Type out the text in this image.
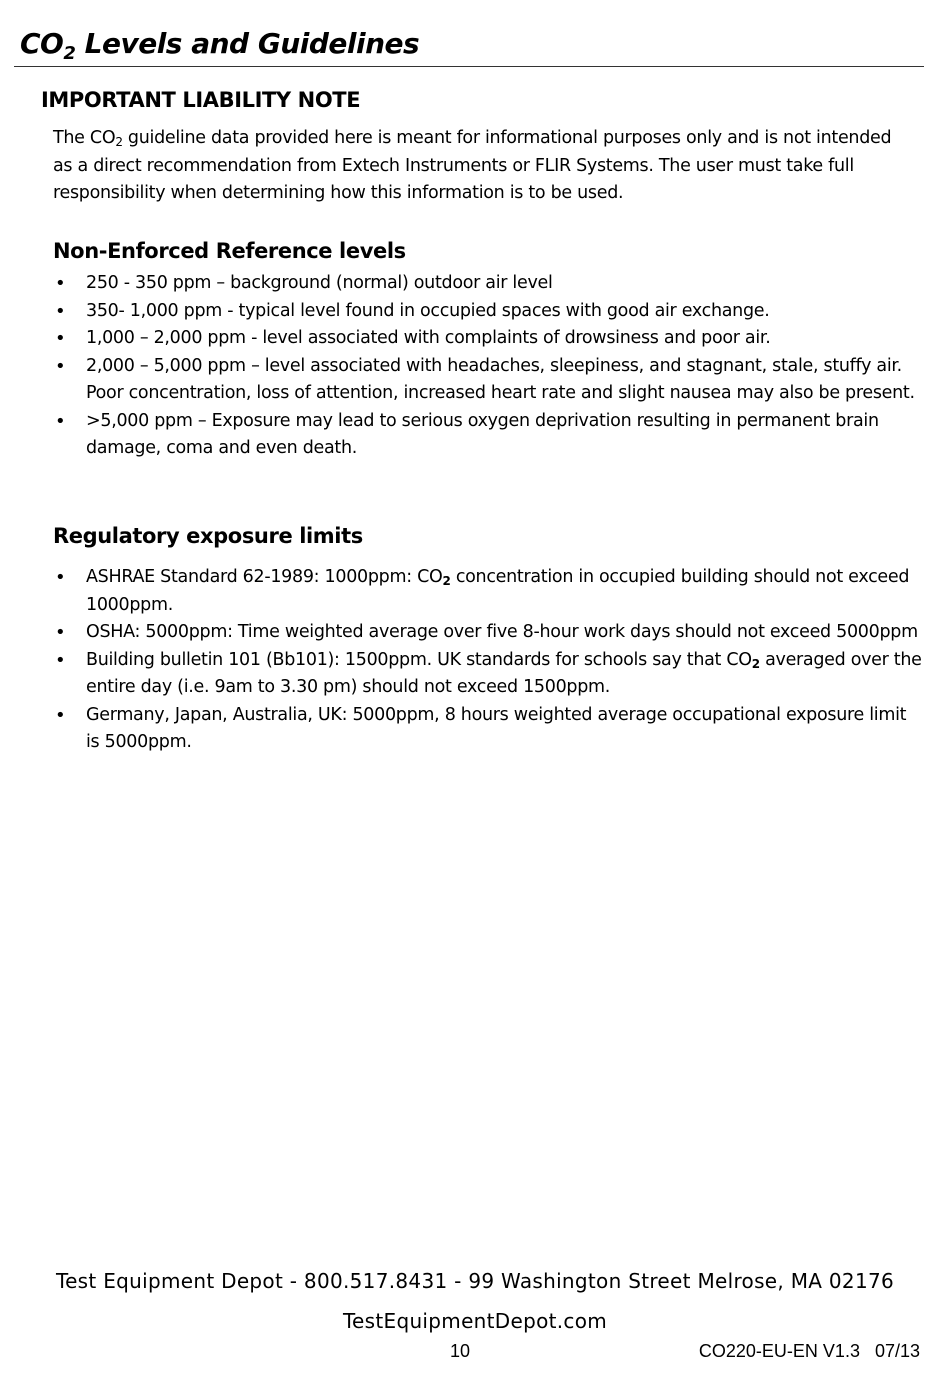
$CO_2$ Levels and Guidelines
IMPORTANT LIABILITY NOTE

The $CO_2$ guideline data provided here is meant for informational purposes only and is not intended as a direct recommendation from Extech Instruments or FLIR Systems. The user must take full responsibility when determining how this information is to be used.

Non-Enforced Reference levels
• 250 - 350 ppm – background (normal) outdoor air level
• 350- 1,000 ppm - typical level found in occupied spaces with good air exchange.
• 1,000 – 2,000 ppm - level associated with complaints of drowsiness and poor air.
• 2,000 – 5,000 ppm – level associated with headaches, sleepiness, and stagnant, stale, stuffy air. Poor concentration, loss of attention, increased heart rate and slight nausea may also be present.
• >5,000 ppm – Exposure may lead to serious oxygen deprivation resulting in permanent brain damage, coma and even death.
Regulatory exposure limits
• ASHRAE Standard 62-1989: 1000ppm: $CO_2$ concentration in occupied building should not exceed 1000ppm.
• OSHA: 5000ppm: Time weighted average over five 8-hour work days should not exceed 5000ppm
• Building bulletin 101 (Bb101): 1500ppm. UK standards for schools say that $CO_2$ averaged over the entire day (i.e. 9am to 3.30 pm) should not exceed 1500ppm.
• Germany, Japan, Australia, UK: 5000ppm, 8 hours weighted average occupational exposure limit is 5000ppm.

Test Equipment Depot - 800.517.8431 - 99 Washington Street Melrose, MA 02176

TestEquipmentDepot.com

10	CO220-EU-EN V1.3   07/13
